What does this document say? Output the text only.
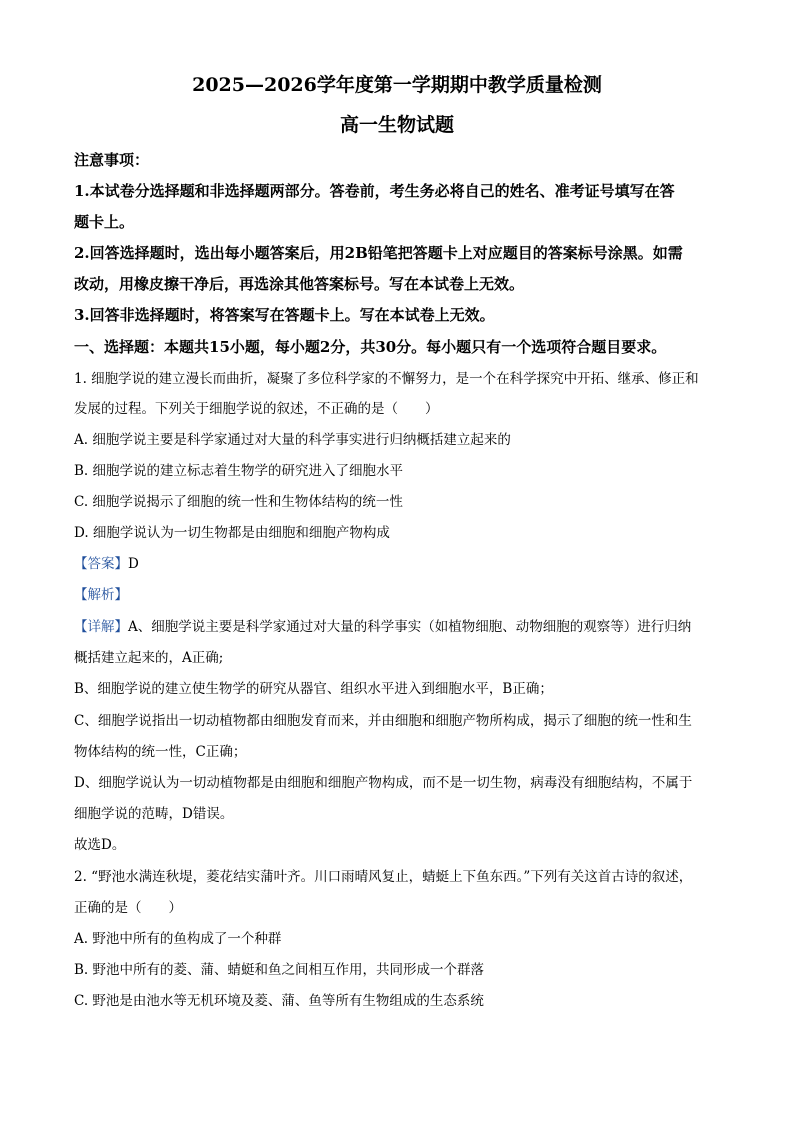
2025—2026学年度第一学期期中教学质量检测
高一生物试题
注意事项：
1.本试卷分选择题和非选择题两部分。答卷前，考生务必将自己的姓名、准考证号填写在答
题卡上。
2.回答选择题时，选出每小题答案后，用2B铅笔把答题卡上对应题目的答案标号涂黑。如需
改动，用橡皮擦干净后，再选涂其他答案标号。写在本试卷上无效。
3.回答非选择题时，将答案写在答题卡上。写在本试卷上无效。
一、选择题：本题共15小题，每小题2分，共30分。每小题只有一个选项符合题目要求。
1. 细胞学说的建立漫长而曲折，凝聚了多位科学家的不懈努力，是一个在科学探究中开拓、继承、修正和
发展的过程。下列关于细胞学说的叙述，不正确的是（　　）
A. 细胞学说主要是科学家通过对大量的科学事实进行归纳概括建立起来的
B. 细胞学说的建立标志着生物学的研究进入了细胞水平
C. 细胞学说揭示了细胞的统一性和生物体结构的统一性
D. 细胞学说认为一切生物都是由细胞和细胞产物构成
【答案】D
【解析】
【详解】A、细胞学说主要是科学家通过对大量的科学事实（如植物细胞、动物细胞的观察等）进行归纳
概括建立起来的，A正确;
B、细胞学说的建立使生物学的研究从器官、组织水平进入到细胞水平，B正确；
C、细胞学说指出一切动植物都由细胞发育而来，并由细胞和细胞产物所构成，揭示了细胞的统一性和生
物体结构的统一性，C正确；
D、细胞学说认为一切动植物都是由细胞和细胞产物构成，而不是一切生物，病毒没有细胞结构，不属于
细胞学说的范畴，D错误。
故选D。
2. “野池水满连秋堤，菱花结实蒲叶齐。川口雨晴风复止，蜻蜓上下鱼东西。”下列有关这首古诗的叙述，
正确的是（　　）
A. 野池中所有的鱼构成了一个种群
B. 野池中所有的菱、蒲、蜻蜓和鱼之间相互作用，共同形成一个群落
C. 野池是由池水等无机环境及菱、蒲、鱼等所有生物组成的生态系统
